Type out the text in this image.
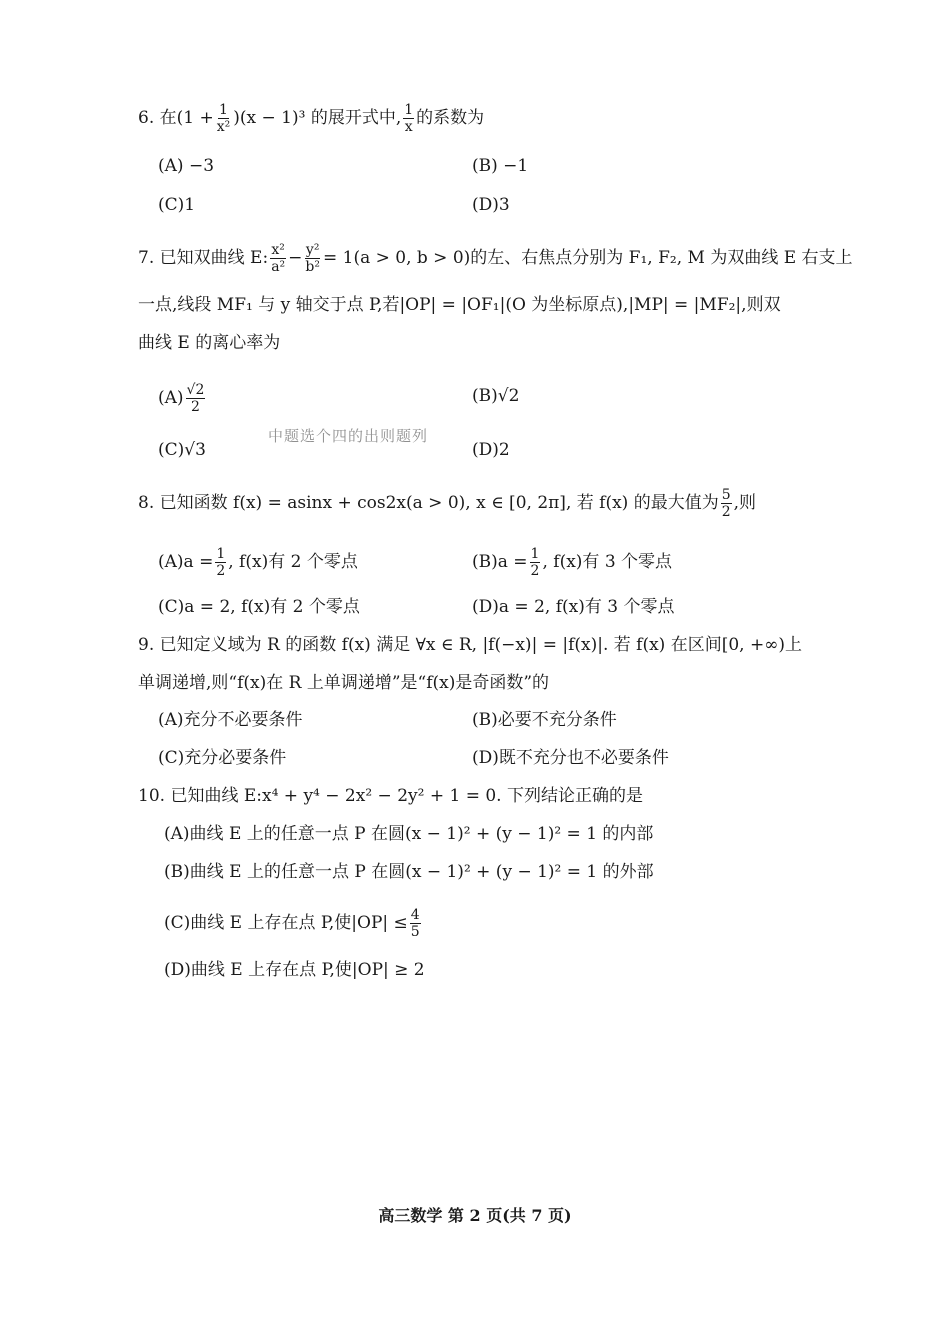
6. 在$(1 + \frac{1}{\text{x²}} )(x - 1)^3$ 的展开式中, $\frac{1}{x}$ 的系数为
(A) −3	(B) −1
(C)1	(D)3
7. 已知双曲线 E: $\frac{\text{x²}}{\text{a²}} - \frac{\text{y²}}{\text{b²}} = 1(a > 0$, b > 0)的左、右焦点分别为 F₁, F₂, M 为双曲线 E 右支上
一点,线段 MF₁ 与 y 轴交于点 P,若|OP| = |OF₁|(O 为坐标原点),|MP| = |MF₂|,则双
曲线 E 的离心率为
$(A) \frac{√2}{2}$	(B)√2
中题选个四的出则题列
(C)√3	(D)2
8. 已知函数 f(x) = asinx + cos2x(a > 0), x ∈ [0, 2π], 若 f(x) 的最大值为 $\frac{5}{2}$ ,则
$(A)a = \frac{1}{2}$ , f(x)有 2 个零点	$(B)a = \frac{1}{2}$ , f(x)有 3 个零点
(C)a = 2, f(x)有 2 个零点	(D)a = 2, f(x)有 3 个零点
9. 已知定义域为 R 的函数 f(x) 满足 ∀x ∈ R, |f(−x)| = |f(x)|. 若 f(x) 在区间[0, +∞)上
单调递增,则“f(x)在 R 上单调递增”是“f(x)是奇函数”的
(A)充分不必要条件	(B)必要不充分条件
(C)充分必要条件	(D)既不充分也不必要条件
10. 已知曲线 E:x⁴ + y⁴ − 2x² − 2y² + 1 = 0. 下列结论正确的是
(A)曲线 E 上的任意一点 P 在圆(x − 1)² + (y − 1)² = 1 的内部
(B)曲线 E 上的任意一点 P 在圆(x − 1)² + (y − 1)² = 1 的外部
(C)曲线 E 上存在点 P,使$|OP| \le \frac{4}{5}$
(D)曲线 E 上存在点 P,使|OP| ≥ 2
高三数学 第 2 页(共 7 页)
